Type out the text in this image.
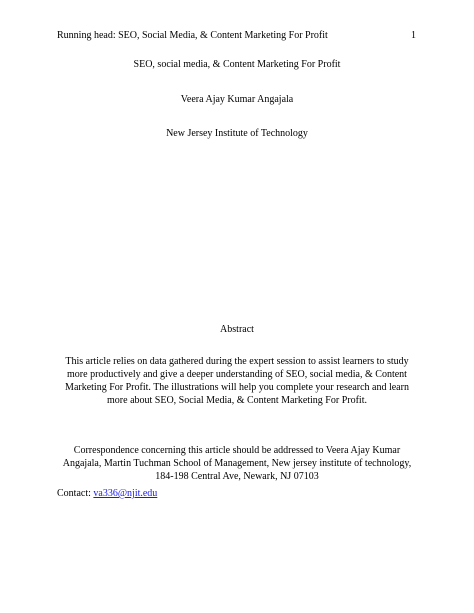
Running head: SEO, Social Media, & Content Marketing For Profit	1
SEO, social media, & Content Marketing For Profit
Veera Ajay Kumar Angajala
New Jersey Institute of Technology
Abstract
This article relies on data gathered during the expert session to assist learners to study more productively and give a deeper understanding of SEO, social media, & Content Marketing For Profit. The illustrations will help you complete your research and learn more about SEO, Social Media, & Content Marketing For Profit.
Correspondence concerning this article should be addressed to Veera Ajay Kumar Angajala, Martin Tuchman School of Management, New jersey institute of technology, 184-198 Central Ave, Newark, NJ 07103
Contact: va336@njit.edu
